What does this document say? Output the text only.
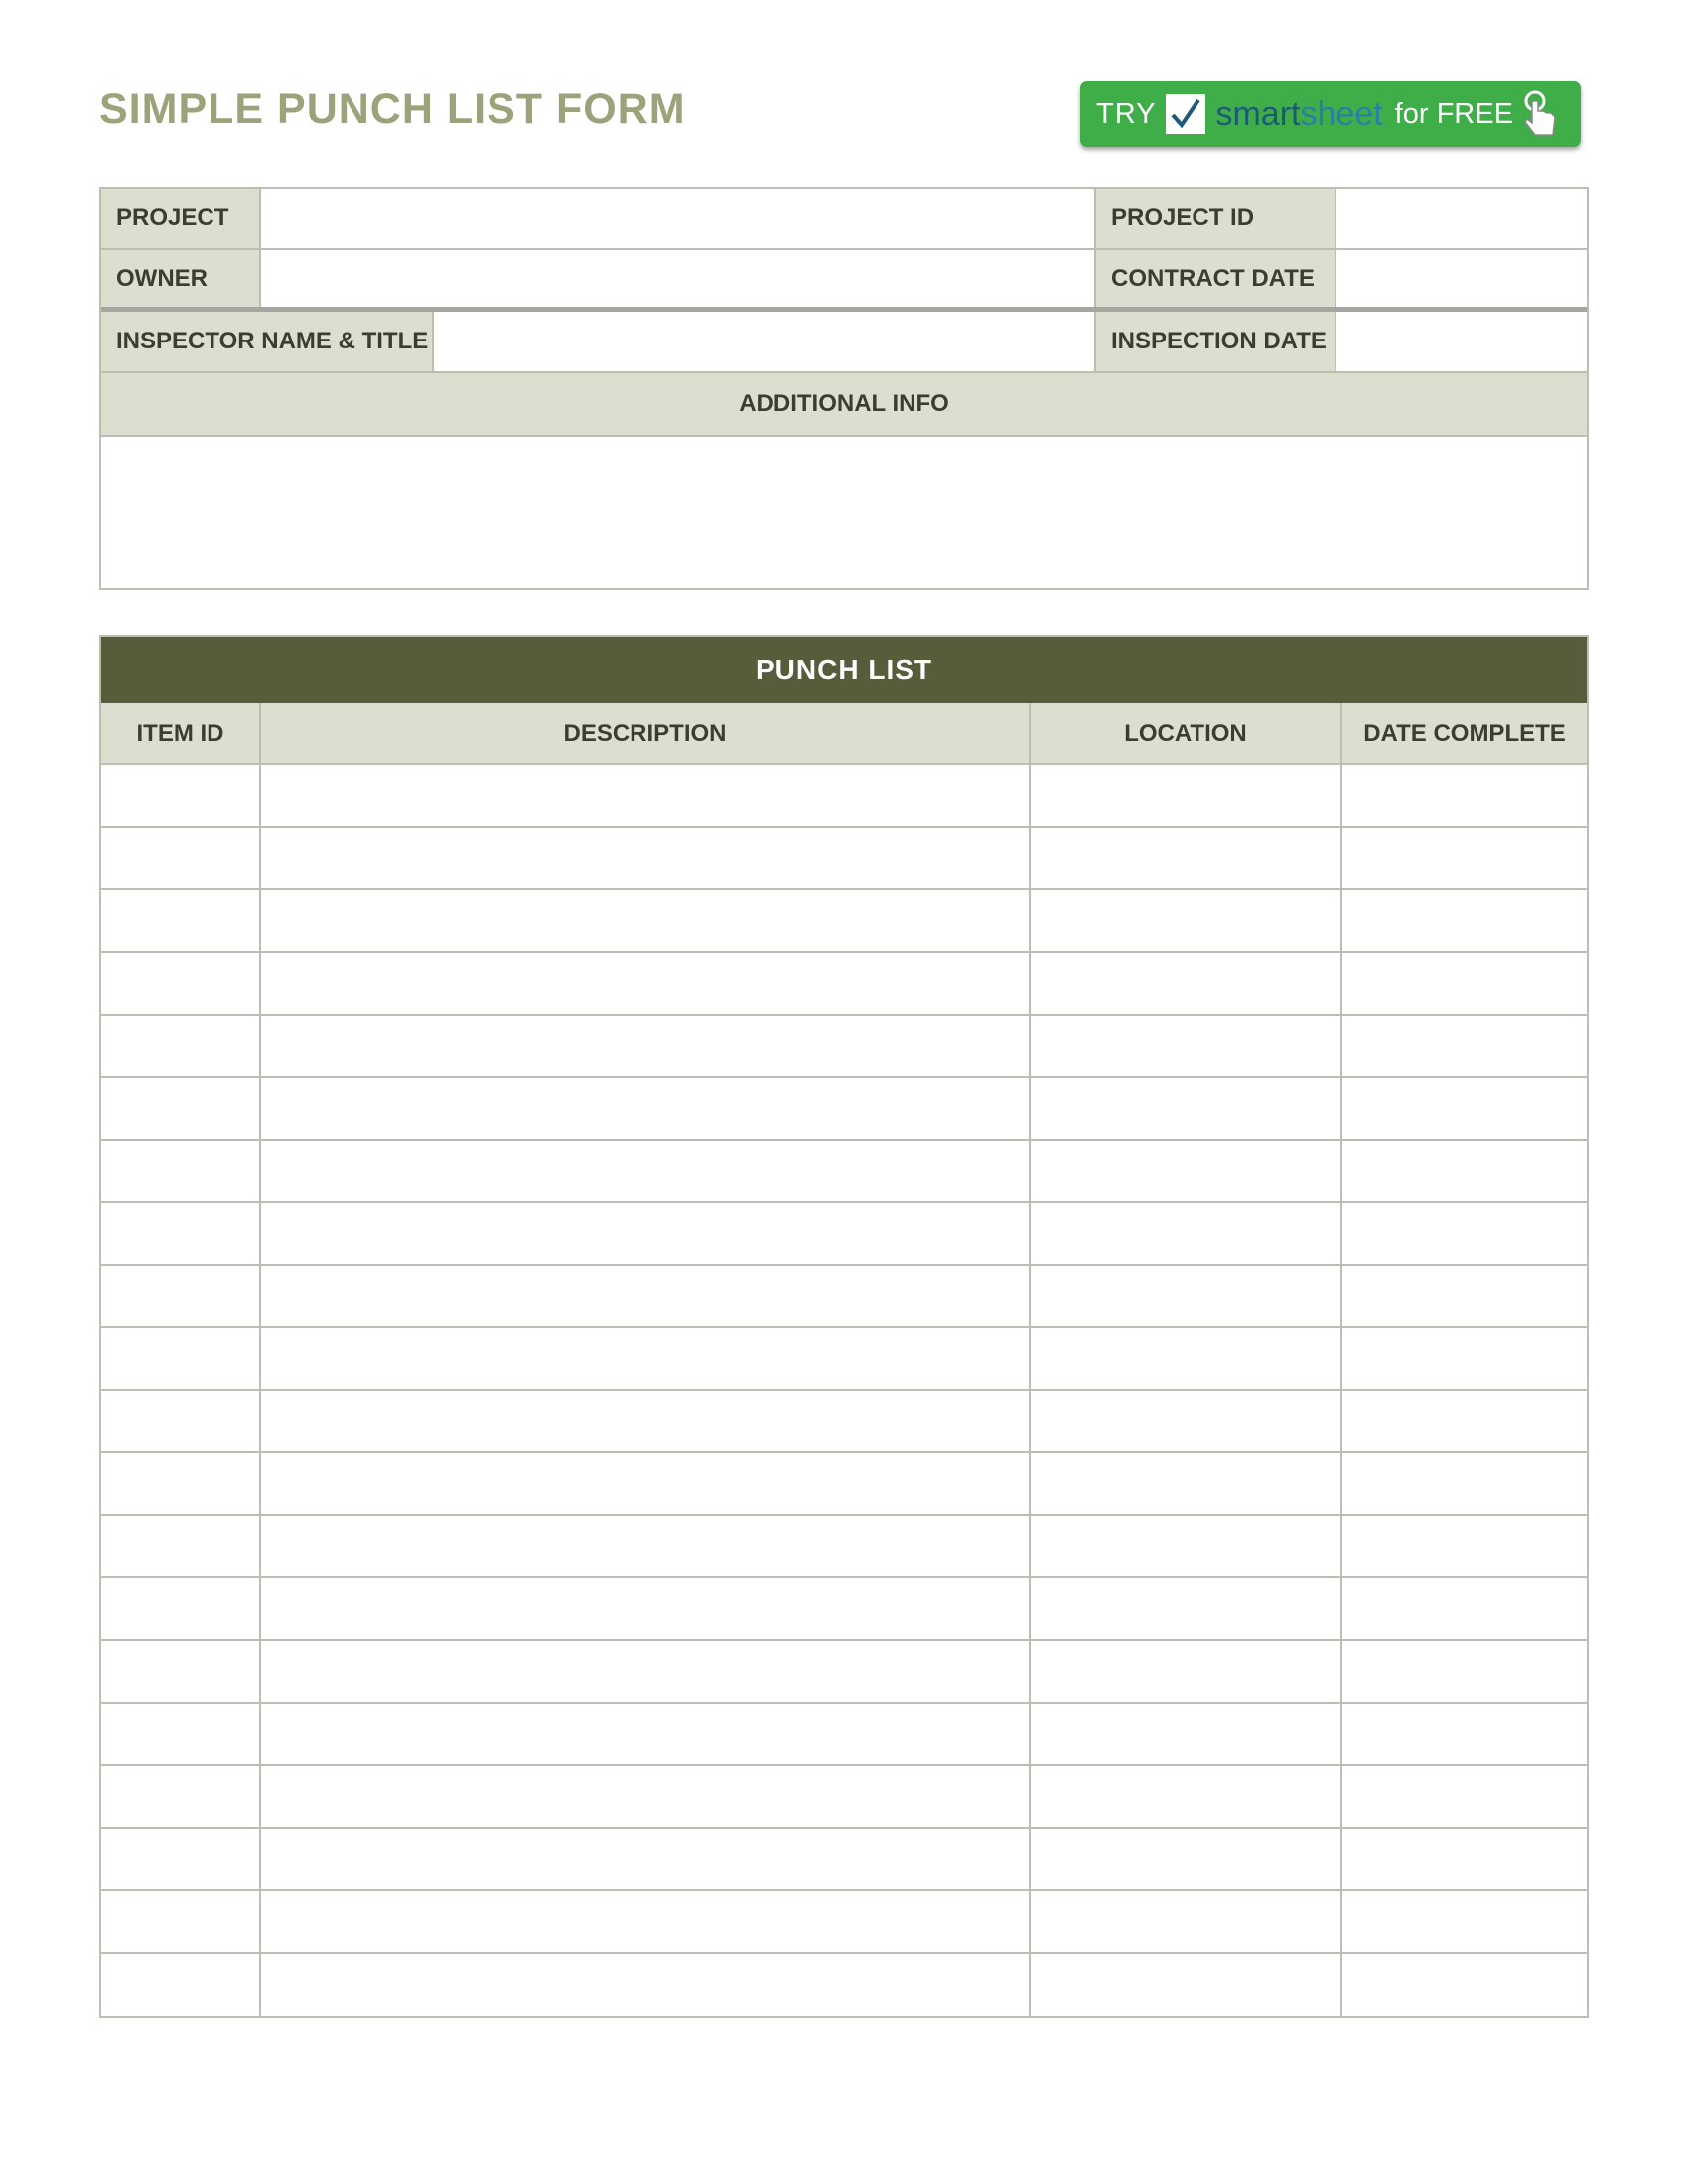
SIMPLE PUNCH LIST FORM	TRY smartsheet for FREE
PROJECT	PROJECT ID
OWNER	CONTRACT DATE
INSPECTOR NAME & TITLE	INSPECTION DATE
ADDITIONAL INFO
PUNCH LIST
ITEM ID	DESCRIPTION	LOCATION	DATE COMPLETE
